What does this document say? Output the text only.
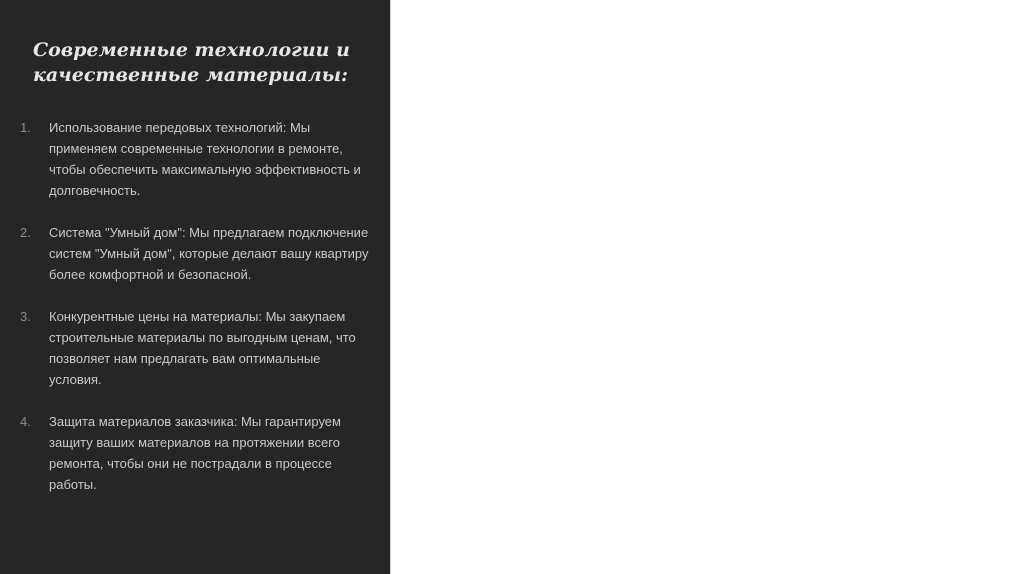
Современные технологии и качественные материалы:
1.	Использование передовых технологий: Мы применяем современные технологии в ремонте, чтобы обеспечить максимальную эффективность и долговечность.
2.	Система "Умный дом": Мы предлагаем подключение систем "Умный дом", которые делают вашу квартиру более комфортной и безопасной.
3.	Конкурентные цены на материалы: Мы закупаем строительные материалы по выгодным ценам, что позволяет нам предлагать вам оптимальные условия.
4.	Защита материалов заказчика: Мы гарантируем защиту ваших материалов на протяжении всего ремонта, чтобы они не пострадали в процессе работы.
